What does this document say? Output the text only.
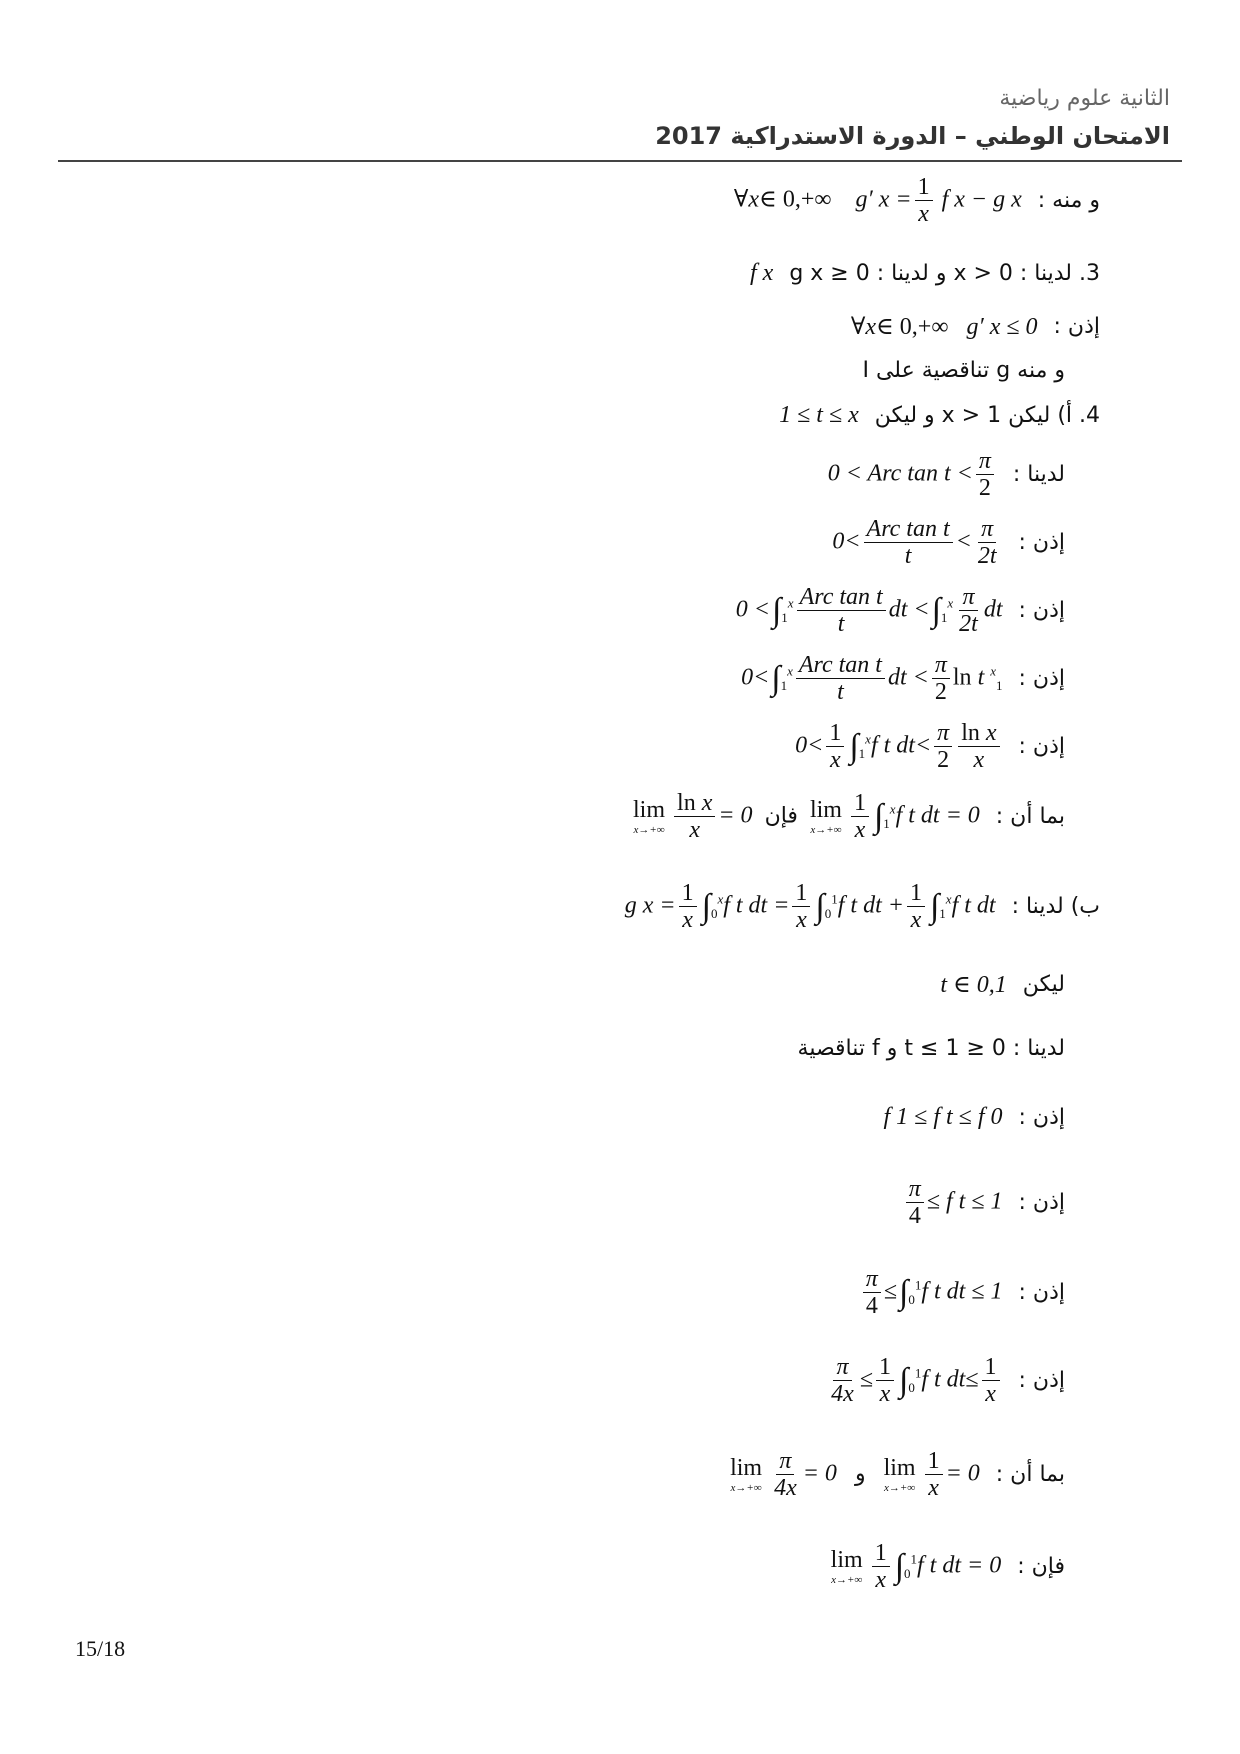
الثانية علوم رياضية
الامتحان الوطني – الدورة الاستدراكية 2017
و منه :
∀x∈ 0,+∞    g′ $x = \frac{1}{x}$ f x − g x
3. لدينا : x > 0 و لدينا : 0 ≤ g x
f x
إذن :
∀x∈ 0,+∞   g′ x ≤ 0
و منه g تناقصية على I
4. أ) ليكن x > 1 و ليكن
1 ≤ t ≤ x
لدينا :
0 < Arc $\tan t < \frac{\pi}{2}$
إذن :
$0< \frac{\text{Arc tan t}}{t} < \frac{\pi}{2t}$
إذن :
$0 <\int_1^x \frac{\text{Arc tan t}}{t}$ dt $<\int_1^x \frac{\pi}{2t}$ dt
إذن :
$0<\int_1^x \frac{\text{Arc tan t}}{t}$ dt < $\frac{\pi}{2}$ ln t $^x_1$
إذن :
$0< \frac{1}{x} \int_1^xf$ t $dt< \frac{\pi}{2} \frac{\text{ln x}}{x}$
بما أن :
lim
$x\to+\infty \frac{\text{ln x}}{x} = 0$  فإن lim
$x\to+\infty \frac{1}{x} \int_1^xf$ t dt = 0
ب) لدينا :
g $x = \frac{1}{x} \int_0^xf$ t dt = $\frac{1}{x} \int_0^1f$ t dt + $\frac{1}{x} \int_1^xf$ t dt
ليكن
t ∈ 0,1
لدينا : 0 ≤ t ≤ 1 و f تناقصية
إذن :
f 1 ≤ f t ≤ f 0
إذن :
$\frac{\pi}{4} \le f$ t ≤ 1
إذن :
$\frac{\pi}{4} \le\int_0^1f$ t dt ≤ 1
إذن :
$\frac{\pi}{4x} \le \frac{1}{x} \int_0^1f$ t $dt\le \frac{1}{x}$
بما أن :
lim
$x\to+\infty \frac{\pi}{4x} = 0$   و lim
$x\to+\infty \frac{1}{x} = 0$
فإن :
lim
$x\to+\infty \frac{1}{x} \int_0^1f$ t dt = 0
15/18
